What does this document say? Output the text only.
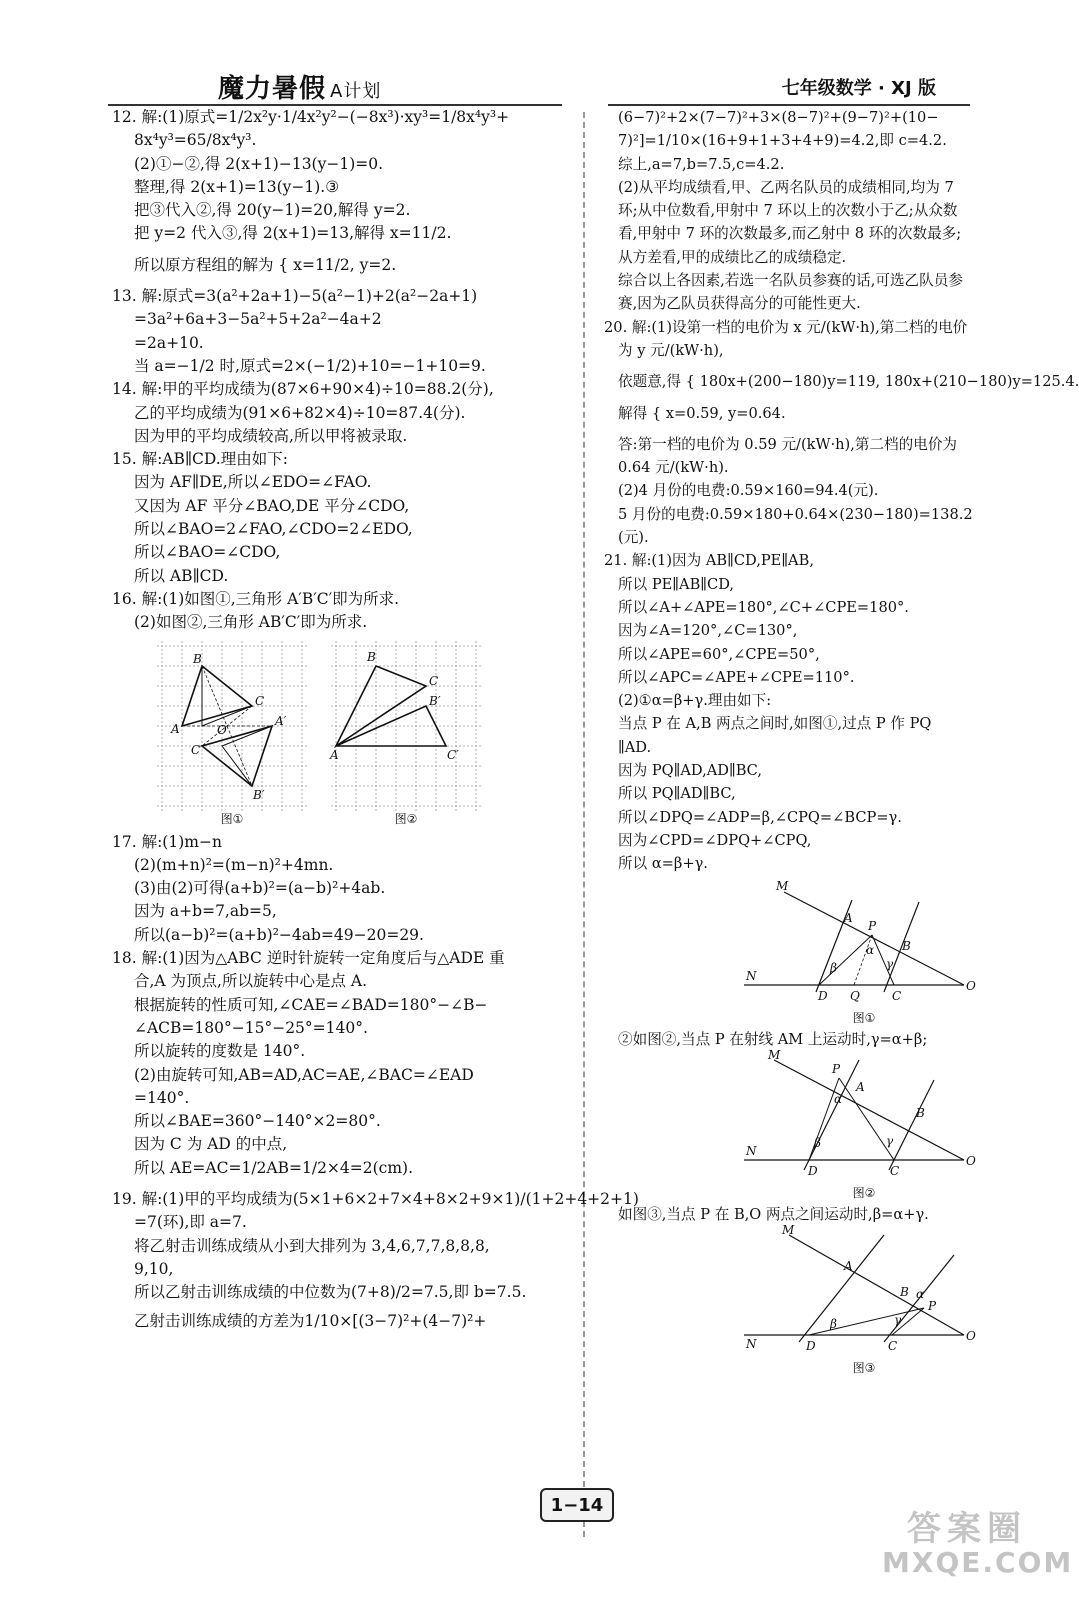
魔力暑假 A计划	七年级数学 · XJ 版

12. 解:(1)原式=1/2x²y·1/4x²y²−(−8x³)·xy³=1/8x⁴y³+

8x⁴y³=65/8x⁴y³.

(2)①−②,得 2(x+1)−13(y−1)=0.

整理,得 2(x+1)=13(y−1).③

把③代入②,得 20(y−1)=20,解得 y=2.

把 y=2 代入③,得 2(x+1)=13,解得 x=11/2.

所以原方程组的解为 { x=11/2, y=2.

13. 解:原式=3(a²+2a+1)−5(a²−1)+2(a²−2a+1)

=3a²+6a+3−5a²+5+2a²−4a+2

=2a+10.

当 a=−1/2 时,原式=2×(−1/2)+10=−1+10=9.

14. 解:甲的平均成绩为(87×6+90×4)÷10=88.2(分),

乙的平均成绩为(91×6+82×4)÷10=87.4(分).

因为甲的平均成绩较高,所以甲将被录取.

15. 解:AB∥CD.理由如下:

因为 AF∥DE,所以∠EDO=∠FAO.

又因为 AF 平分∠BAO,DE 平分∠CDO,

所以∠BAO=2∠FAO,∠CDO=2∠EDO,

所以∠BAO=∠CDO,

所以 AB∥CD.

16. 解:(1)如图①,三角形 A′B′C′即为所求.

(2)如图②,三角形 AB′C′即为所求.

B
C
A′
A	O
C′
B′
图①
B
C
B′
A	C′
图②

17. 解:(1)m−n

(2)(m+n)²=(m−n)²+4mn.

(3)由(2)可得(a+b)²=(a−b)²+4ab.

因为 a+b=7,ab=5,

所以(a−b)²=(a+b)²−4ab=49−20=29.

18. 解:(1)因为△ABC 逆时针旋转一定角度后与△ADE 重

合,A 为顶点,所以旋转中心是点 A.

根据旋转的性质可知,∠CAE=∠BAD=180°−∠B−

∠ACB=180°−15°−25°=140°.

所以旋转的度数是 140°.

(2)由旋转可知,AB=AD,AC=AE,∠BAC=∠EAD

=140°.

所以∠BAE=360°−140°×2=80°.

因为 C 为 AD 的中点,

所以 AE=AC=1/2AB=1/2×4=2(cm).

19. 解:(1)甲的平均成绩为(5×1+6×2+7×4+8×2+9×1)/(1+2+4+2+1)

=7(环),即 a=7.

将乙射击训练成绩从小到大排列为 3,4,6,7,7,8,8,8,

9,10,

所以乙射击训练成绩的中位数为(7+8)/2=7.5,即 b=7.5.

乙射击训练成绩的方差为1/10×[(3−7)²+(4−7)²+

(6−7)²+2×(7−7)²+3×(8−7)²+(9−7)²+(10−

7)²]=1/10×(16+9+1+3+4+9)=4.2,即 c=4.2.

综上,a=7,b=7.5,c=4.2.

(2)从平均成绩看,甲、乙两名队员的成绩相同,均为 7

环;从中位数看,甲射中 7 环以上的次数小于乙;从众数

看,甲射中 7 环的次数最多,而乙射中 8 环的次数最多;

从方差看,甲的成绩比乙的成绩稳定.

综合以上各因素,若选一名队员参赛的话,可选乙队员参

赛,因为乙队员获得高分的可能性更大.

20. 解:(1)设第一档的电价为 x 元/(kW·h),第二档的电价

为 y 元/(kW·h),

依题意,得 { 180x+(200−180)y=119, 180x+(210−180)y=125.4.

解得 { x=0.59, y=0.64.

答:第一档的电价为 0.59 元/(kW·h),第二档的电价为

0.64 元/(kW·h).

(2)4 月份的电费:0.59×160=94.4(元).

5 月份的电费:0.59×180+0.64×(230−180)=138.2

(元).

21. 解:(1)因为 AB∥CD,PE∥AB,

所以 PE∥AB∥CD,

所以∠A+∠APE=180°,∠C+∠CPE=180°.

因为∠A=120°,∠C=130°,

所以∠APE=60°,∠CPE=50°,

所以∠APC=∠APE+∠CPE=110°.

(2)①α=β+γ.理由如下:

当点 P 在 A,B 两点之间时,如图①,过点 P 作 PQ

∥AD.

因为 PQ∥AD,AD∥BC,

所以 PQ∥AD∥BC,

所以∠DPQ=∠ADP=β,∠CPQ=∠BCP=γ.

因为∠CPD=∠DPQ+∠CPQ,

所以 α=β+γ.

M
A
P
B
α
β	γ
N
D Q	C
O
图①

②如图②,当点 P 在射线 AM 上运动时,γ=α+β;

M
P
A
α
B
γ
β
N
D	C
O
图②

如图③,当点 P 在 B,O 两点之间运动时,β=α+γ.

M
A
B α
P
β	γ
N	D	C
O
图③
1−14
答案圈
MXQE.COM
